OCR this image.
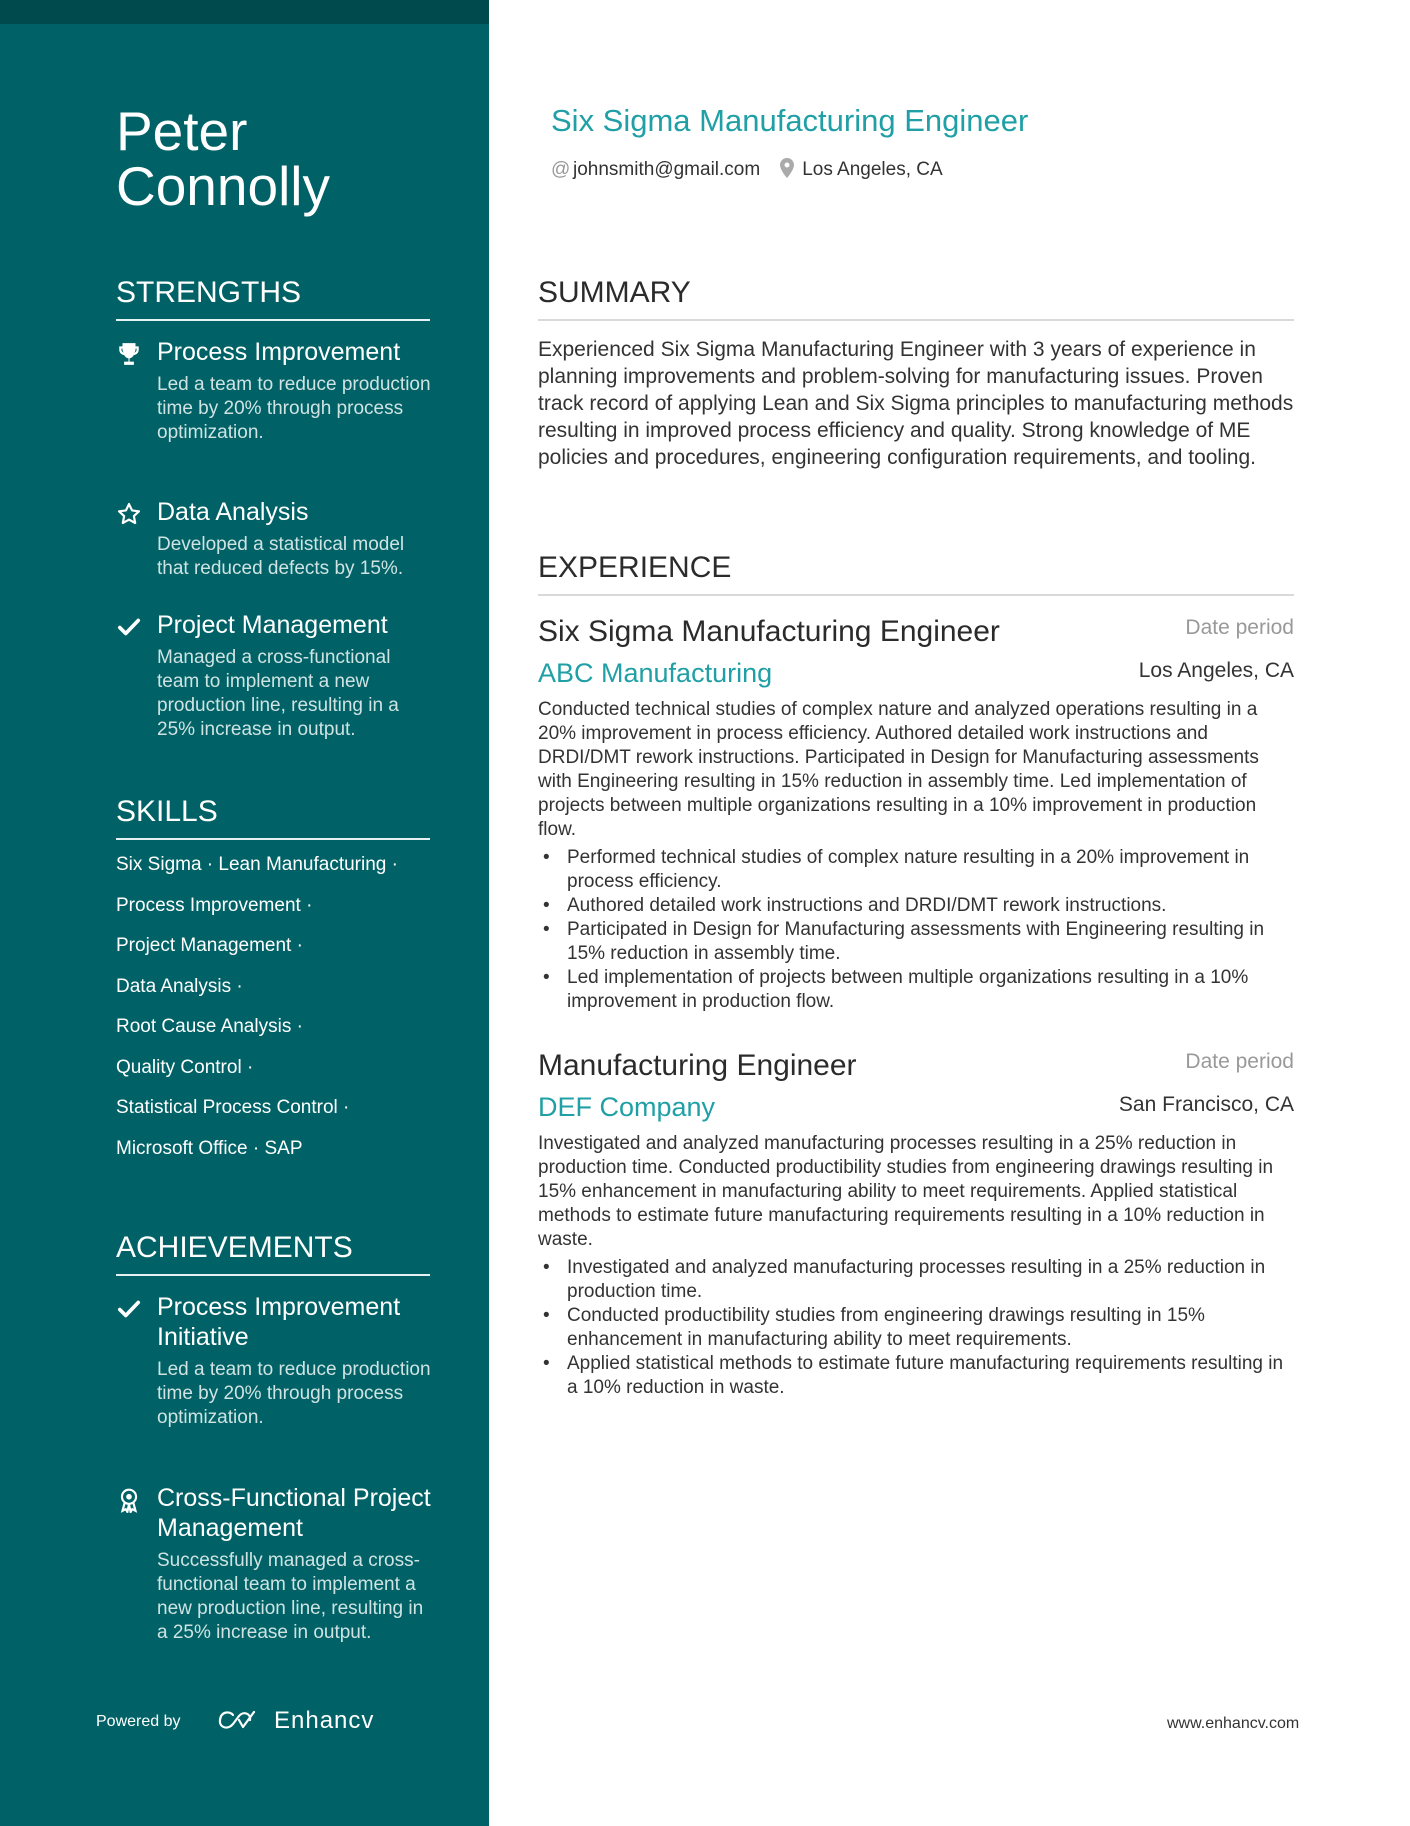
Peter
Connolly
STRENGTHS
Process Improvement
Led a team to reduce production time by 20% through process optimization.
Data Analysis
Developed a statistical model that reduced defects by 15%.
Project Management
Managed a cross-functional team to implement a new production line, resulting in a 25% increase in output.
SKILLS
Six Sigma · Lean Manufacturing ·
Process Improvement ·
Project Management ·
Data Analysis ·
Root Cause Analysis ·
Quality Control ·
Statistical Process Control ·
Microsoft Office · SAP
ACHIEVEMENTS
Process Improvement Initiative
Led a team to reduce production time by 20% through process optimization.
Cross-Functional Project Management
Successfully managed a cross-functional team to implement a new production line, resulting in a 25% increase in output.
Powered by	Enhancv
Six Sigma Manufacturing Engineer
@ johnsmith@gmail.com Los Angeles, CA
SUMMARY
Experienced Six Sigma Manufacturing Engineer with 3 years of experience in planning improvements and problem-solving for manufacturing issues. Proven track record of applying Lean and Six Sigma principles to manufacturing methods resulting in improved process efficiency and quality. Strong knowledge of ME policies and procedures, engineering configuration requirements, and tooling.
EXPERIENCE
Six Sigma Manufacturing Engineer	Date period
ABC Manufacturing	Los Angeles, CA
Conducted technical studies of complex nature and analyzed operations resulting in a 20% improvement in process efficiency. Authored detailed work instructions and DRDI/DMT rework instructions. Participated in Design for Manufacturing assessments with Engineering resulting in 15% reduction in assembly time. Led implementation of projects between multiple organizations resulting in a 10% improvement in production flow.
• Performed technical studies of complex nature resulting in a 20% improvement in process efficiency.
• Authored detailed work instructions and DRDI/DMT rework instructions.
• Participated in Design for Manufacturing assessments with Engineering resulting in 15% reduction in assembly time.
• Led implementation of projects between multiple organizations resulting in a 10% improvement in production flow.
Manufacturing Engineer	Date period
DEF Company	San Francisco, CA
Investigated and analyzed manufacturing processes resulting in a 25% reduction in production time. Conducted productibility studies from engineering drawings resulting in 15% enhancement in manufacturing ability to meet requirements. Applied statistical methods to estimate future manufacturing requirements resulting in a 10% reduction in waste.
• Investigated and analyzed manufacturing processes resulting in a 25% reduction in production time.
• Conducted productibility studies from engineering drawings resulting in 15% enhancement in manufacturing ability to meet requirements.
• Applied statistical methods to estimate future manufacturing requirements resulting in a 10% reduction in waste.
www.enhancv.com
